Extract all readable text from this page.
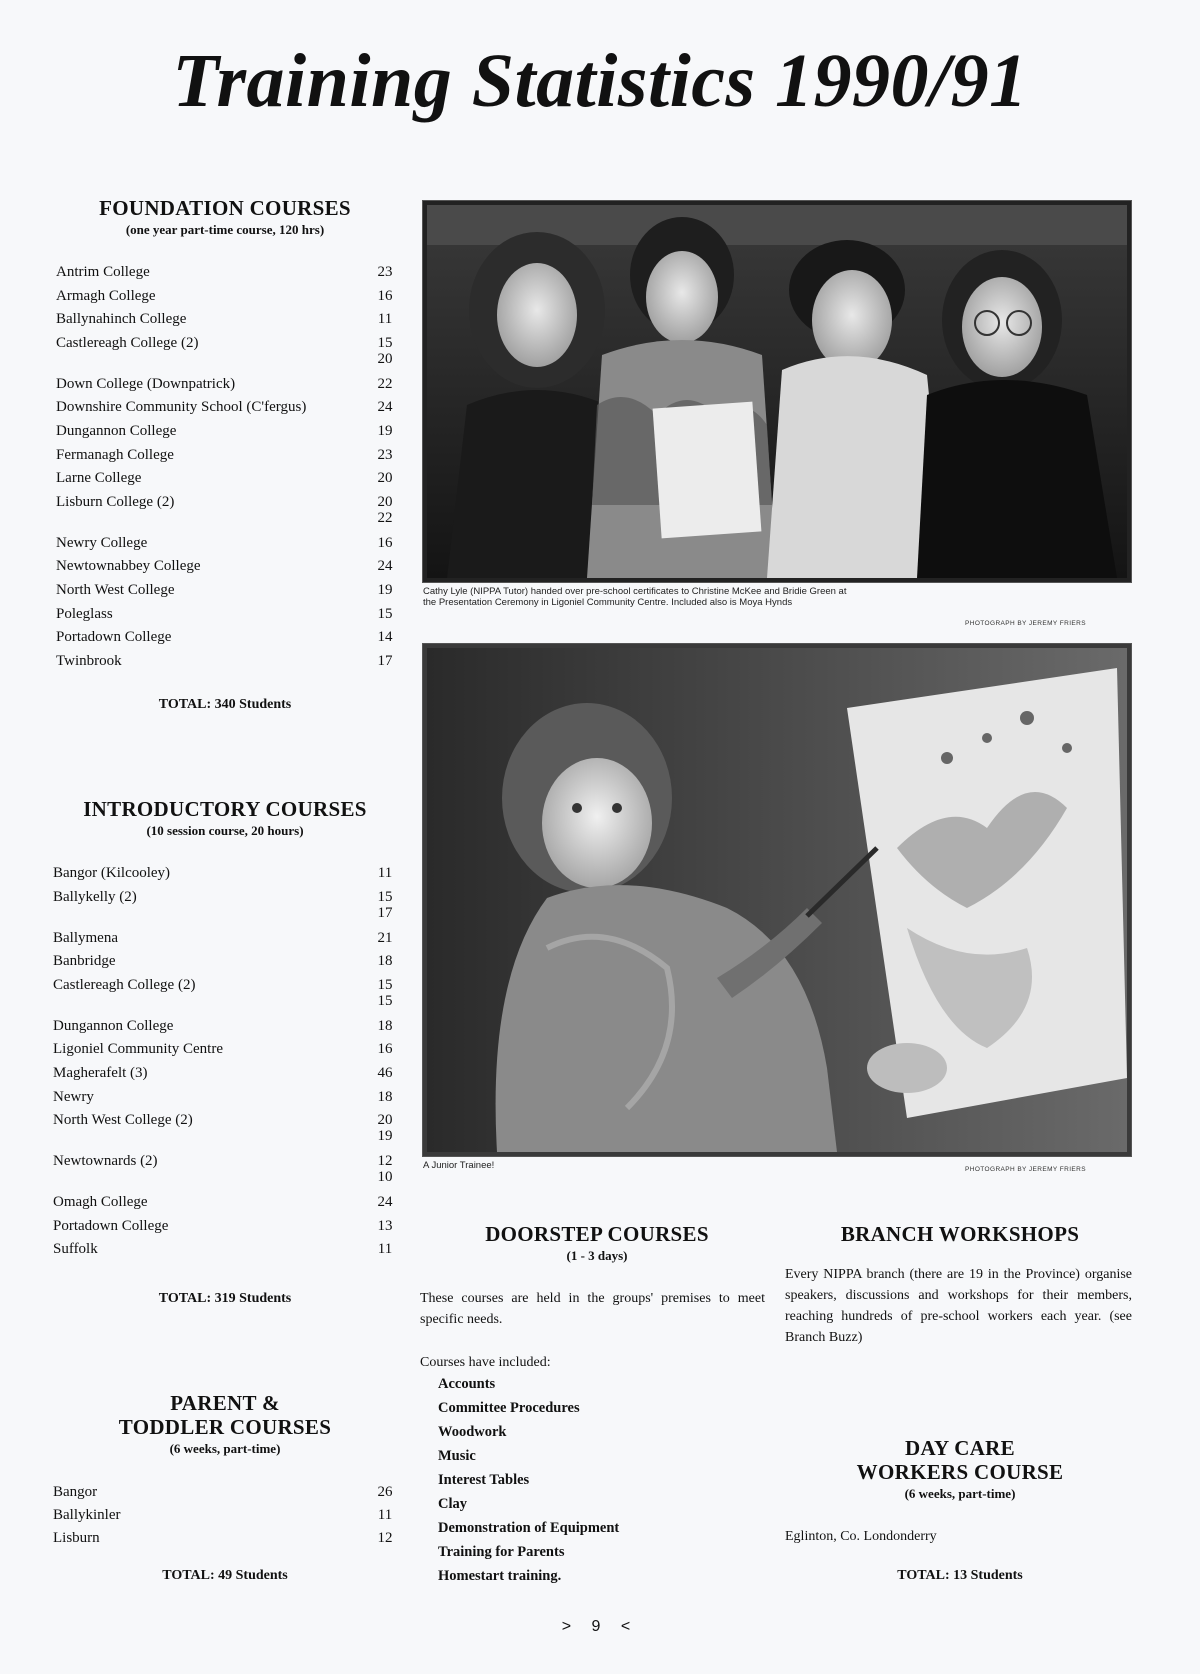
Training Statistics 1990/91
FOUNDATION COURSES
(one year part-time course, 120 hrs)
Antrim College	23
Armagh College	16
Ballynahinch College	11
Castlereagh College (2)	15
20
Down College (Downpatrick)	22
Downshire Community School (C'fergus)	24
Dungannon College	19
Fermanagh College	23
Larne College	20
Lisburn College (2)	20
22
Newry College	16
Newtownabbey College	24
North West College	19
Poleglass	15
Portadown College	14
Twinbrook	17
TOTAL: 340 Students
INTRODUCTORY COURSES
(10 session course, 20 hours)
Bangor (Kilcooley)	11
Ballykelly (2)	15
17
Ballymena	21
Banbridge	18
Castlereagh College (2)	15
15
Dungannon College	18
Ligoniel Community Centre	16
Magherafelt (3)	46
Newry	18
North West College (2)	20
19
Newtownards (2)	12
10
Omagh College	24
Portadown College	13
Suffolk	11
TOTAL: 319 Students
PARENT &
TODDLER COURSES
(6 weeks, part-time)
Bangor	26
Ballykinler	11
Lisburn	12
TOTAL: 49 Students
Cathy Lyle (NIPPA Tutor) handed over pre-school certificates to Christine McKee and Bridie Green at the Presentation Ceremony in Ligoniel Community Centre. Included also is Moya Hynds
PHOTOGRAPH BY JEREMY FRIERS
A Junior Trainee!	PHOTOGRAPH BY JEREMY FRIERS
DOORSTEP COURSES
(1 - 3 days)
These courses are held in the groups' premises to meet specific needs.
Courses have included:
Accounts
Committee Procedures
Woodwork
Music
Interest Tables
Clay
Demonstration of Equipment
Training for Parents
Homestart training.
BRANCH WORKSHOPS
Every NIPPA branch (there are 19 in the Province) organise speakers, discussions and workshops for their members, reaching hundreds of pre-school workers each year. (see Branch Buzz)
DAY CARE
WORKERS COURSE
(6 weeks, part-time)
Eglinton, Co. Londonderry
TOTAL: 13 Students
> 9 <
